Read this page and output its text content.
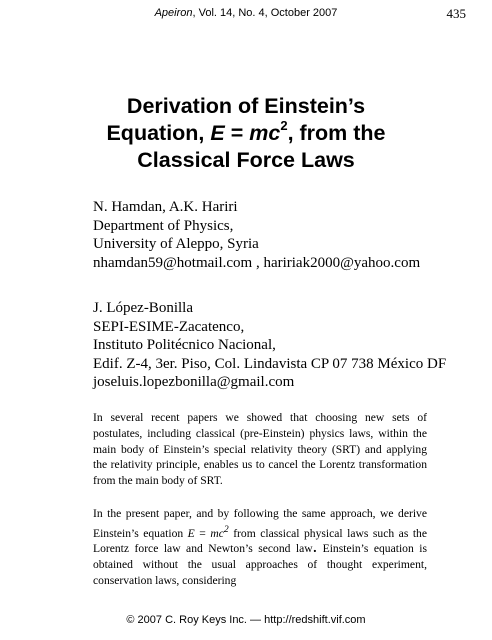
Apeiron, Vol. 14, No. 4, October 2007	435
Derivation of Einstein’s
Equation, $E = mc^2$, from the
Classical Force Laws
N. Hamdan, A.K. Hariri
Department of Physics,
University of Aleppo, Syria
nhamdan59@hotmail.com , haririak2000@yahoo.com
J. López-Bonilla
SEPI-ESIME-Zacatenco,
Instituto Politécnico Nacional,
Edif. Z-4, 3er. Piso, Col. Lindavista CP 07 738 México DF
joseluis.lopezbonilla@gmail.com

In several recent papers we showed that choosing new sets of postulates, including classical (pre-Einstein) physics laws, within the main body of Einstein’s special relativity theory (SRT) and applying the relativity principle, enables us to cancel the Lorentz transformation from the main body of SRT.

In the present paper, and by following the same approach, we derive Einstein’s equation $E = mc^2$ from classical physical laws such as the Lorentz force law and Newton’s second law. Einstein’s equation is obtained without the usual approaches of thought experiment, conservation laws, considering

© 2007 C. Roy Keys Inc. — http://redshift.vif.com
